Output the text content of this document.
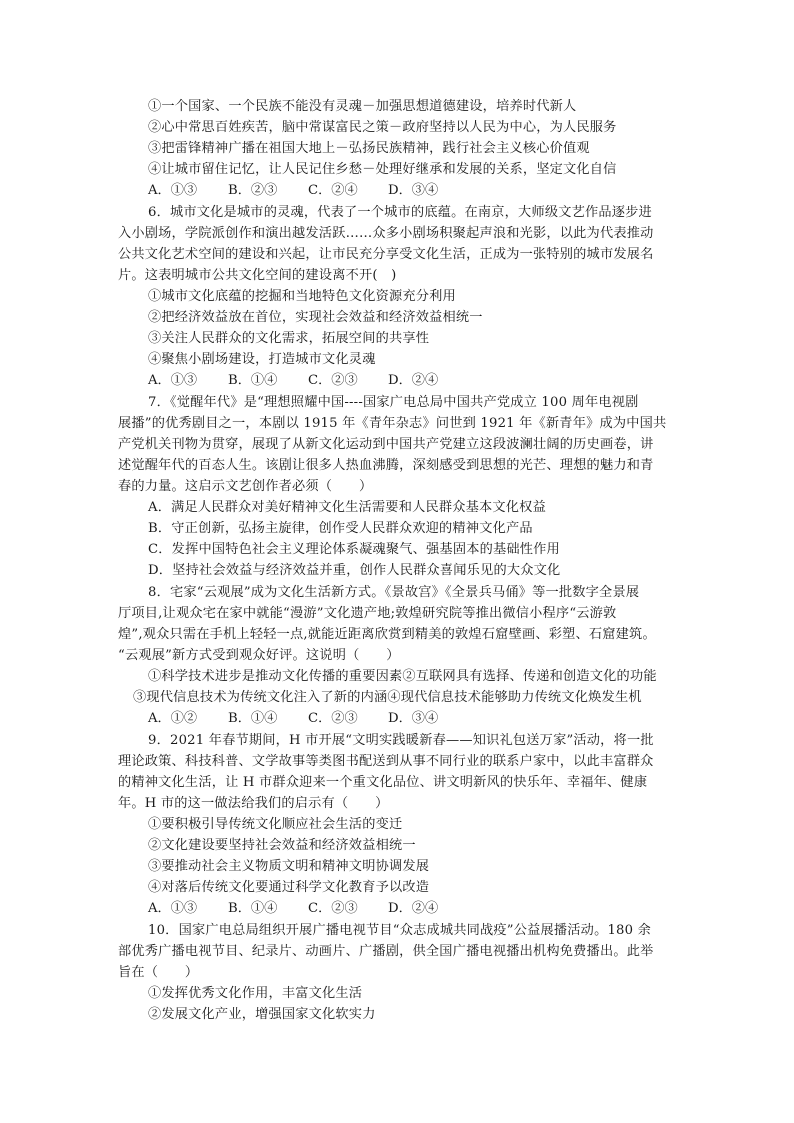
①一个国家、一个民族不能没有灵魂－加强思想道德建设，培养时代新人

②心中常思百姓疾苦，脑中常谋富民之策－政府坚持以人民为中心，为人民服务

③把雷锋精神广播在祖国大地上－弘扬民族精神，践行社会主义核心价值观

④让城市留住记忆，让人民记住乡愁－处理好继承和发展的关系，坚定文化自信

A．①③ B．②③ C．②④ D．③④

6．城市文化是城市的灵魂，代表了一个城市的底蕴。在南京，大师级文艺作品逐步进

入小剧场，学院派创作和演出越发活跃……众多小剧场积聚起声浪和光影，以此为代表推动

公共文化艺术空间的建设和兴起，让市民充分享受文化生活，正成为一张特别的城市发展名

片。这表明城市公共文化空间的建设离不开(　)

①城市文化底蕴的挖掘和当地特色文化资源充分利用

②把经济效益放在首位，实现社会效益和经济效益相统一

③关注人民群众的文化需求，拓展空间的共享性

④聚焦小剧场建设，打造城市文化灵魂

A．①③ B．①④ C．②③ D．②④

7．《觉醒年代》是“理想照耀中国----国家广电总局中国共产党成立 100 周年电视剧

展播”的优秀剧目之一，本剧以 1915 年《青年杂志》问世到 1921 年《新青年》成为中国共

产党机关刊物为贯穿，展现了从新文化运动到中国共产党建立这段波澜壮阔的历史画卷，讲

述觉醒年代的百态人生。该剧让很多人热血沸腾，深刻感受到思想的光芒、理想的魅力和青

春的力量。这启示文艺创作者必须（　　）

A．满足人民群众对美好精神文化生活需要和人民群众基本文化权益

B．守正创新，弘扬主旋律，创作受人民群众欢迎的精神文化产品

C．发挥中国特色社会主义理论体系凝魂聚气、强基固本的基础性作用

D．坚持社会效益与经济效益并重，创作人民群众喜闻乐见的大众文化

8．宅家“云观展”成为文化生活新方式。《景故宫》《全景兵马俑》等一批数字全景展

厅项目,让观众宅在家中就能“漫游”文化遗产地;敦煌研究院等推出微信小程序“云游敦

煌”,观众只需在手机上轻轻一点,就能近距离欣赏到精美的敦煌石窟壁画、彩塑、石窟建筑。

“云观展”新方式受到观众好评。这说明（　　）

①科学技术进步是推动文化传播的重要因素②互联网具有选择、传递和创造文化的功能

③现代信息技术为传统文化注入了新的内涵④现代信息技术能够助力传统文化焕发生机

A．①② B．①④ C．②③ D．③④

9．2021 年春节期间，H 市开展“文明实践暖新春——知识礼包送万家”活动，将一批

理论政策、科技科普、文学故事等类图书配送到从事不同行业的联系户家中，以此丰富群众

的精神文化生活，让 H 市群众迎来一个重文化品位、讲文明新风的快乐年、幸福年、健康

年。H 市的这一做法给我们的启示有（　　）

①要积极引导传统文化顺应社会生活的变迁

②文化建设要坚持社会效益和经济效益相统一

③要推动社会主义物质文明和精神文明协调发展

④对落后传统文化要通过科学文化教育予以改造

A．①③ B．①④ C．②③ D．②④

10．国家广电总局组织开展广播电视节目“众志成城共同战疫”公益展播活动。180 余

部优秀广播电视节目、纪录片、动画片、广播剧，供全国广播电视播出机构免费播出。此举

旨在（　　）

①发挥优秀文化作用，丰富文化生活

②发展文化产业，增强国家文化软实力
